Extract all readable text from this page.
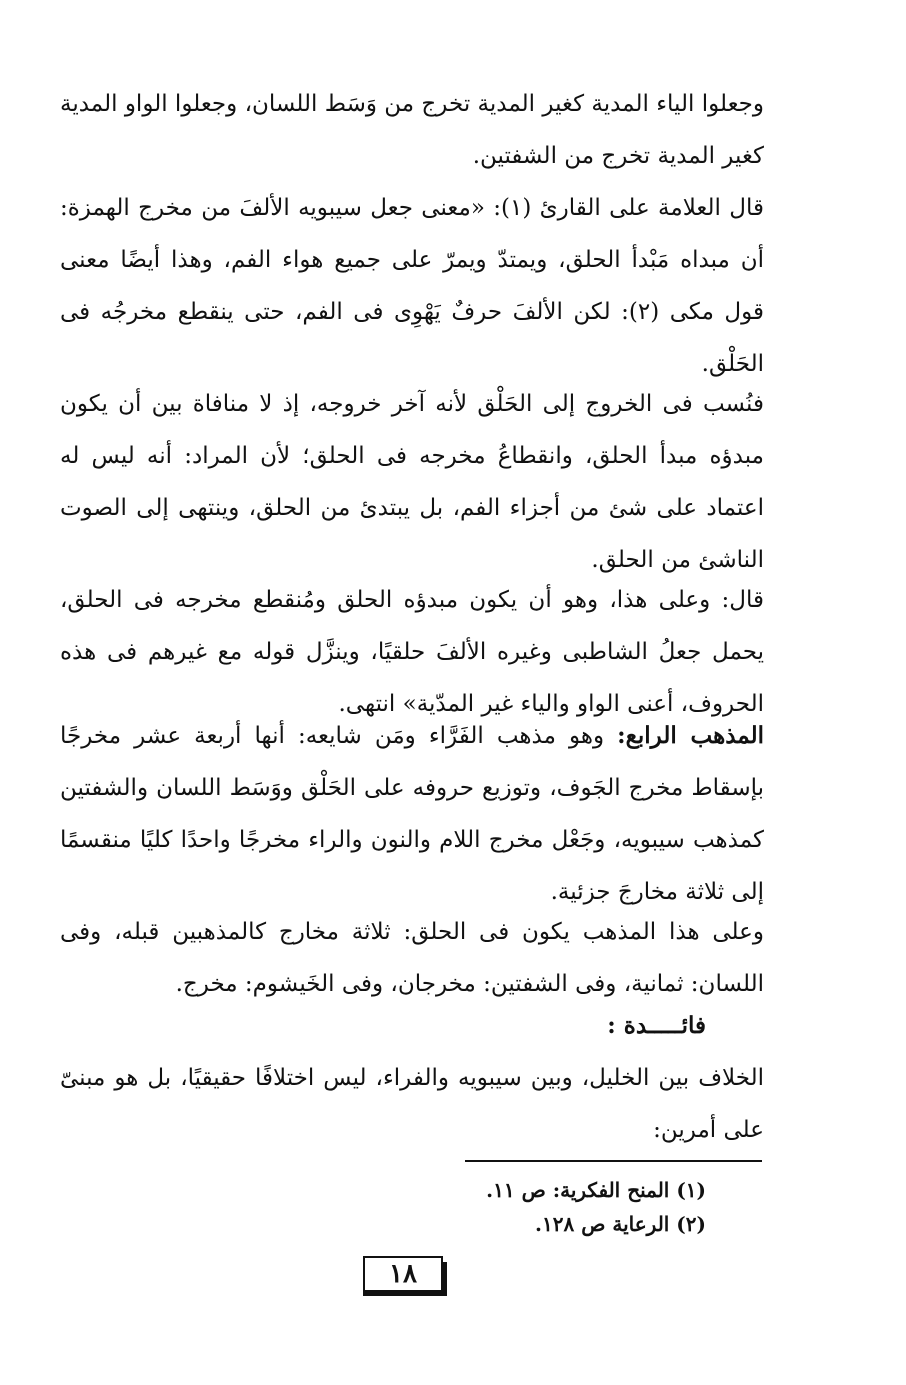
وجعلوا الياء المدية كغير المدية تخرج من وَسَط اللسان، وجعلوا الواو المدية كغير المدية تخرج من الشفتين.

قال العلامة على القارئ (١): «معنى جعل سيبويه الألفَ من مخرج الهمزة: أن مبداه مَبْدأ الحلق، ويمتدّ ويمرّ على جميع هواء الفم، وهذا أيضًا معنى قول مكى (٢): لكن الألفَ حرفٌ يَهْوِى فى الفم، حتى ينقطع مخرجُه فى الحَلْق.

فنُسب فى الخروج إلى الحَلْق لأنه آخر خروجه، إذ لا منافاة بين أن يكون مبدؤه مبدأ الحلق، وانقطاعُ مخرجه فى الحلق؛ لأن المراد: أنه ليس له اعتماد على شئ من أجزاء الفم، بل يبتدئ من الحلق، وينتهى إلى الصوت الناشئ من الحلق.

قال: وعلى هذا، وهو أن يكون مبدؤه الحلق ومُنقطع مخرجه فى الحلق، يحمل جعلُ الشاطبى وغيره الألفَ حلقيًا، وينزَّل قوله مع غيرهم فى هذه الحروف، أعنى الواو والياء غير المدّية» انتهى.

المذهب الرابع: وهو مذهب الفَرَّاء ومَن شايعه: أنها أربعة عشر مخرجًا بإسقاط مخرج الجَوف، وتوزيع حروفه على الحَلْق ووَسَط اللسان والشفتين كمذهب سيبويه، وجَعْل مخرج اللام والنون والراء مخرجًا واحدًا كليًا منقسمًا إلى ثلاثة مخارجَ جزئية.

وعلى هذا المذهب يكون فى الحلق: ثلاثة مخارج كالمذهبين قبله، وفى اللسان: ثمانية، وفى الشفتين: مخرجان، وفى الخَيشوم: مخرج.

فائـــــدة :

الخلاف بين الخليل، وبين سيبويه والفراء، ليس اختلافًا حقيقيًا، بل هو مبنىّ على أمرين:

(١) المنح الفكرية: ص ١١.
(٢) الرعاية ص ١٢٨.
١٨
